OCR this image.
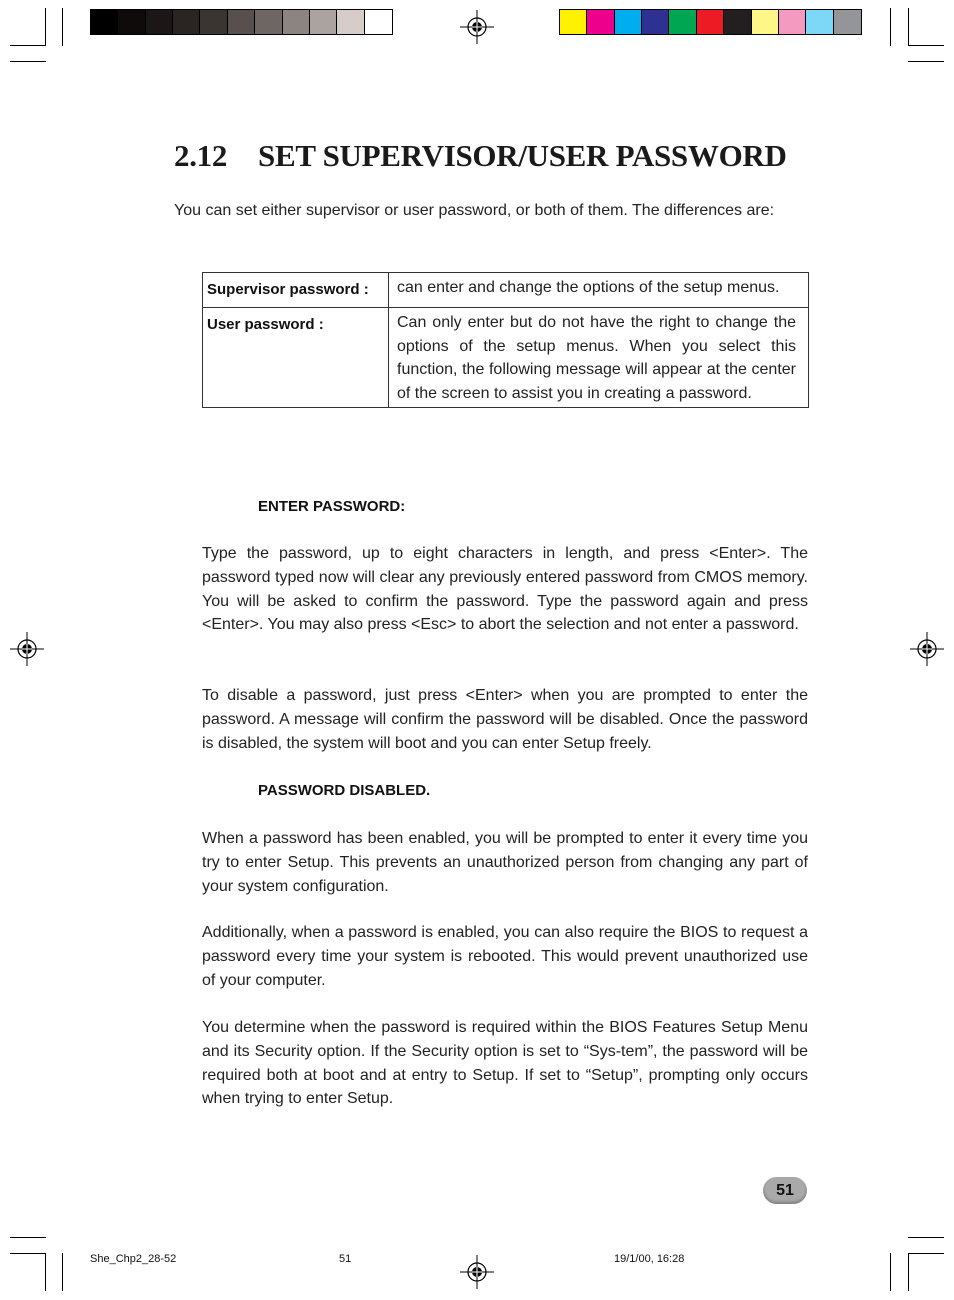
2.12 SET SUPERVISOR/USER PASSWORD

You can set either supervisor or user password, or both of them. The differences are:

Supervisor password :	can enter and change the options of the setup menus.
User password :	Can only enter but do not have the right to change the options of the setup menus. When you select this function, the following message will appear at the center of the screen to assist you in creating a password.

ENTER PASSWORD:

Type the password, up to eight characters in length, and press <Enter>. The password typed now will clear any previously entered password from CMOS memory. You will be asked to confirm the password. Type the password again and press <Enter>. You may also press <Esc> to abort the selection and not enter a password.

To disable a password, just press <Enter> when you are prompted to enter the password. A message will confirm the password will be disabled. Once the password is disabled, the system will boot and you can enter Setup freely.

PASSWORD DISABLED.

When a password has been enabled, you will be prompted to enter it every time you try to enter Setup. This prevents an unauthorized person from changing any part of your system configuration.

Additionally, when a password is enabled, you can also require the BIOS to request a password every time your system is rebooted. This would prevent unauthorized use of your computer.

You determine when the password is required within the BIOS Features Setup Menu and its Security option. If the Security option is set to “Sys-tem”, the password will be required both at boot and at entry to Setup. If set to “Setup”, prompting only occurs when trying to enter Setup.

51
She_Chp2_28-52	51	19/1/00, 16:28
